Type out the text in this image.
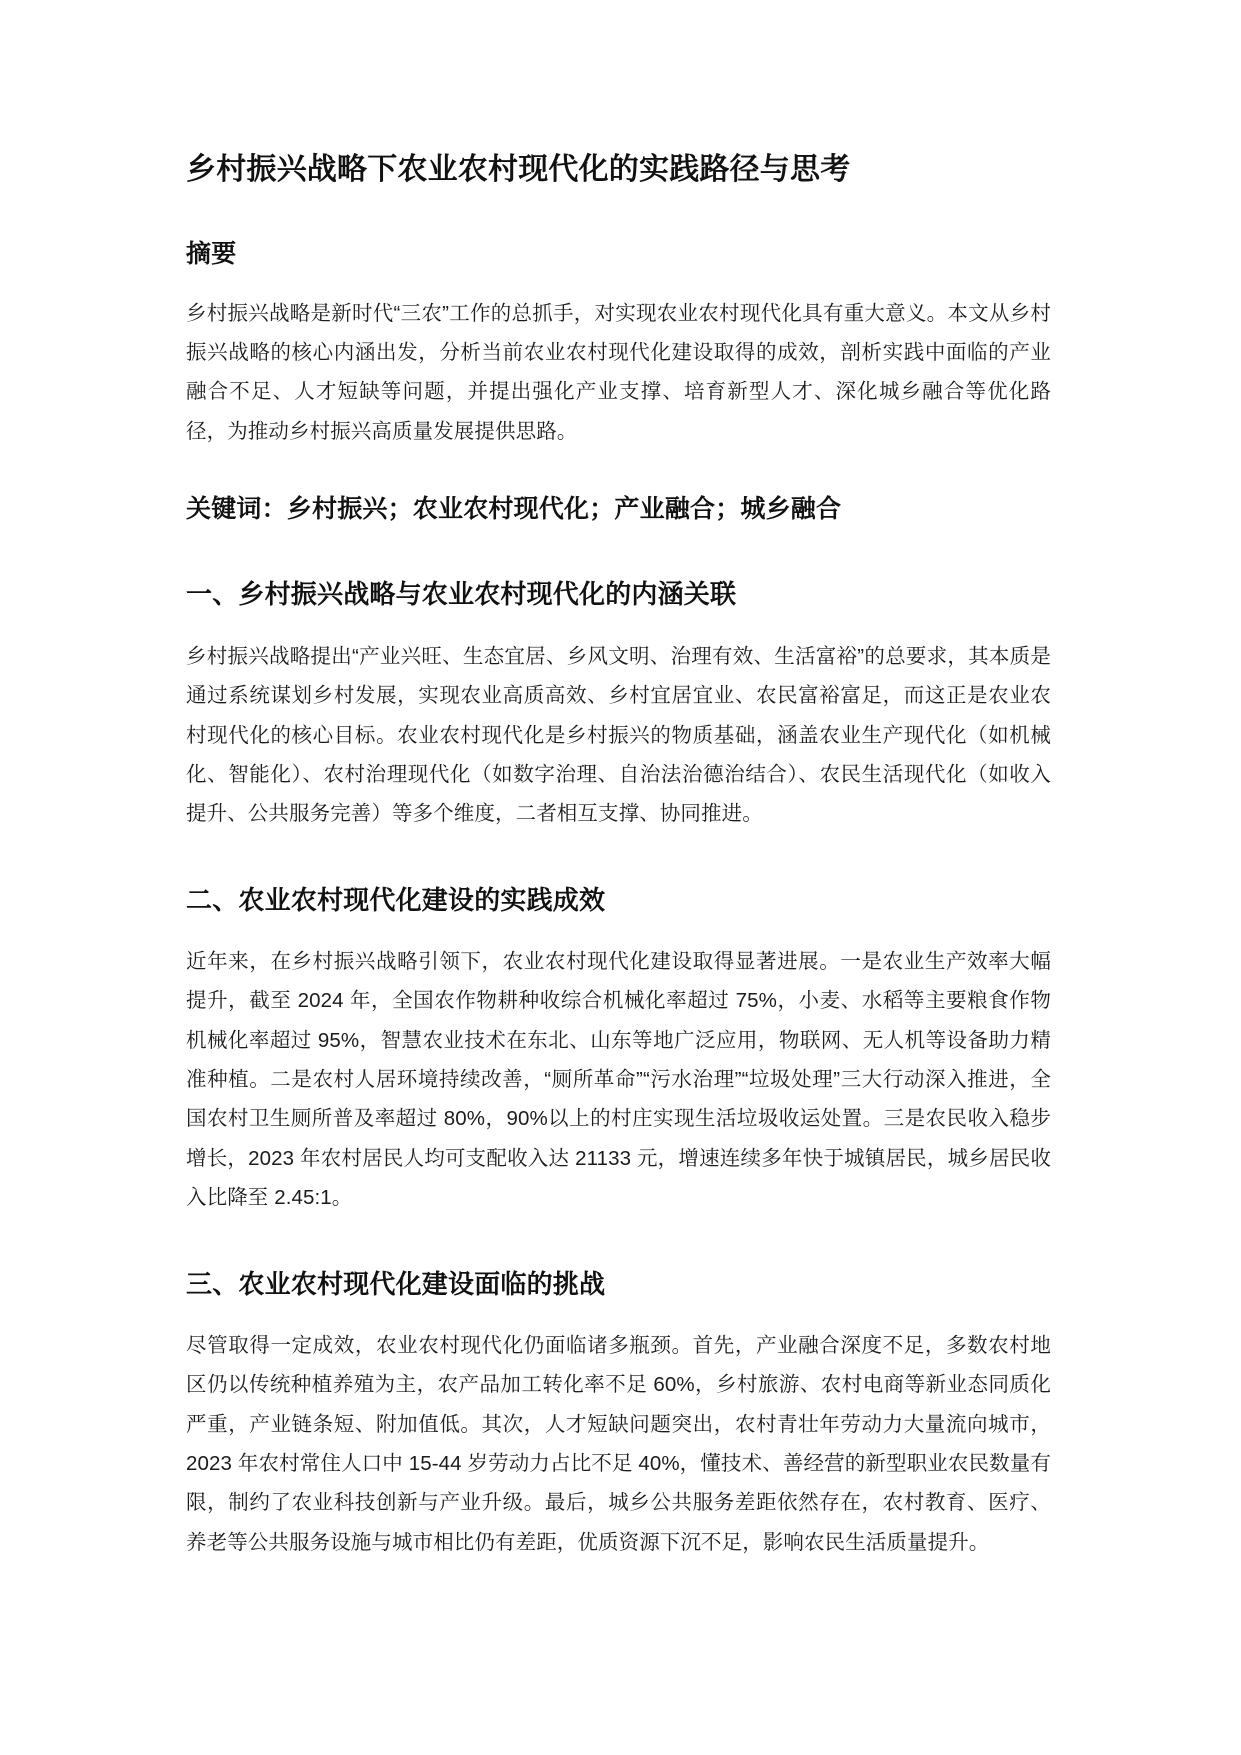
乡村振兴战略下农业农村现代化的实践路径与思考
摘要

乡村振兴战略是新时代“三农”工作的总抓手，对实现农业农村现代化具有重大意义。本文从乡村振兴战略的核心内涵出发，分析当前农业农村现代化建设取得的成效，剖析实践中面临的产业融合不足、人才短缺等问题，并提出强化产业支撑、培育新型人才、深化城乡融合等优化路径，为推动乡村振兴高质量发展提供思路。

关键词：乡村振兴；农业农村现代化；产业融合；城乡融合
一、乡村振兴战略与农业农村现代化的内涵关联

乡村振兴战略提出“产业兴旺、生态宜居、乡风文明、治理有效、生活富裕”的总要求，其本质是通过系统谋划乡村发展，实现农业高质高效、乡村宜居宜业、农民富裕富足，而这正是农业农村现代化的核心目标。农业农村现代化是乡村振兴的物质基础，涵盖农业生产现代化（如机械化、智能化）、农村治理现代化（如数字治理、自治法治德治结合）、农民生活现代化（如收入提升、公共服务完善）等多个维度，二者相互支撑、协同推进。

二、农业农村现代化建设的实践成效

近年来，在乡村振兴战略引领下，农业农村现代化建设取得显著进展。一是农业生产效率大幅提升，截至 2024 年，全国农作物耕种收综合机械化率超过 75%，小麦、水稻等主要粮食作物机械化率超过 95%，智慧农业技术在东北、山东等地广泛应用，物联网、无人机等设备助力精准种植。二是农村人居环境持续改善，“厕所革命”“污水治理”“垃圾处理”三大行动深入推进，全国农村卫生厕所普及率超过 80%，90%以上的村庄实现生活垃圾收运处置。三是农民收入稳步增长，2023 年农村居民人均可支配收入达 21133 元，增速连续多年快于城镇居民，城乡居民收入比降至 2.45:1。

三、农业农村现代化建设面临的挑战

尽管取得一定成效，农业农村现代化仍面临诸多瓶颈。首先，产业融合深度不足，多数农村地区仍以传统种植养殖为主，农产品加工转化率不足 60%，乡村旅游、农村电商等新业态同质化严重，产业链条短、附加值低。其次，人才短缺问题突出，农村青壮年劳动力大量流向城市，2023 年农村常住人口中 15-44 岁劳动力占比不足 40%，懂技术、善经营的新型职业农民数量有限，制约了农业科技创新与产业升级。最后，城乡公共服务差距依然存在，农村教育、医疗、养老等公共服务设施与城市相比仍有差距，优质资源下沉不足，影响农民生活质量提升。
